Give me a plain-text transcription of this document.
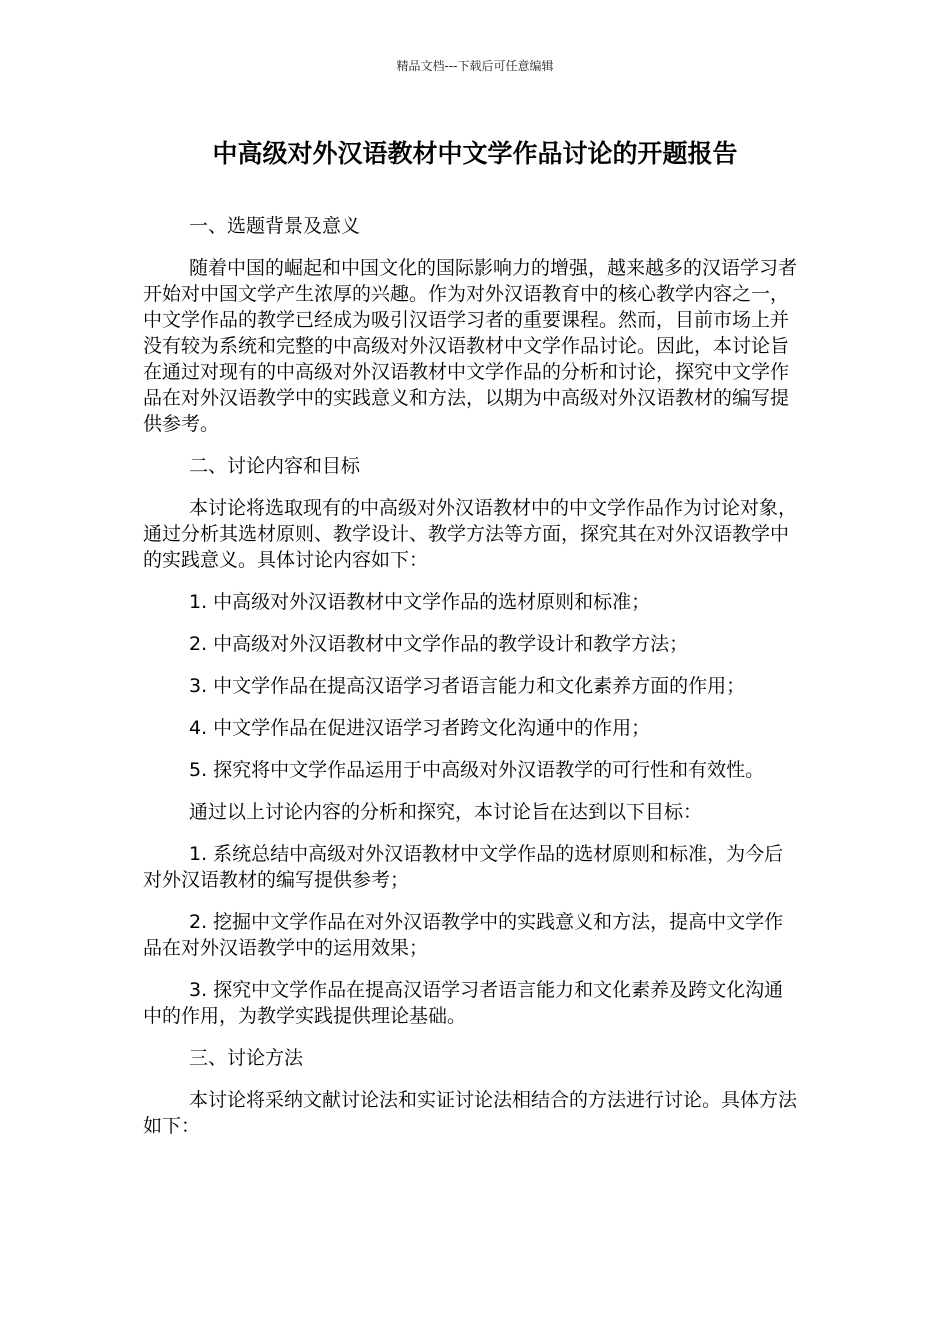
精品文档---下载后可任意编辑
中高级对外汉语教材中文学作品讨论的开题报告

一、选题背景及意义

随着中国的崛起和中国文化的国际影响力的增强，越来越多的汉语学习者开始对中国文学产生浓厚的兴趣。作为对外汉语教育中的核心教学内容之一，中文学作品的教学已经成为吸引汉语学习者的重要课程。然而，目前市场上并没有较为系统和完整的中高级对外汉语教材中文学作品讨论。因此，本讨论旨在通过对现有的中高级对外汉语教材中文学作品的分析和讨论，探究中文学作品在对外汉语教学中的实践意义和方法，以期为中高级对外汉语教材的编写提供参考。

二、讨论内容和目标

本讨论将选取现有的中高级对外汉语教材中的中文学作品作为讨论对象，通过分析其选材原则、教学设计、教学方法等方面，探究其在对外汉语教学中的实践意义。具体讨论内容如下：

1. 中高级对外汉语教材中文学作品的选材原则和标准；

2. 中高级对外汉语教材中文学作品的教学设计和教学方法；

3. 中文学作品在提高汉语学习者语言能力和文化素养方面的作用；

4. 中文学作品在促进汉语学习者跨文化沟通中的作用；

5. 探究将中文学作品运用于中高级对外汉语教学的可行性和有效性。

通过以上讨论内容的分析和探究，本讨论旨在达到以下目标：

1. 系统总结中高级对外汉语教材中文学作品的选材原则和标准，为今后对外汉语教材的编写提供参考；

2. 挖掘中文学作品在对外汉语教学中的实践意义和方法，提高中文学作品在对外汉语教学中的运用效果；

3. 探究中文学作品在提高汉语学习者语言能力和文化素养及跨文化沟通中的作用，为教学实践提供理论基础。

三、讨论方法

本讨论将采纳文献讨论法和实证讨论法相结合的方法进行讨论。具体方法如下：
